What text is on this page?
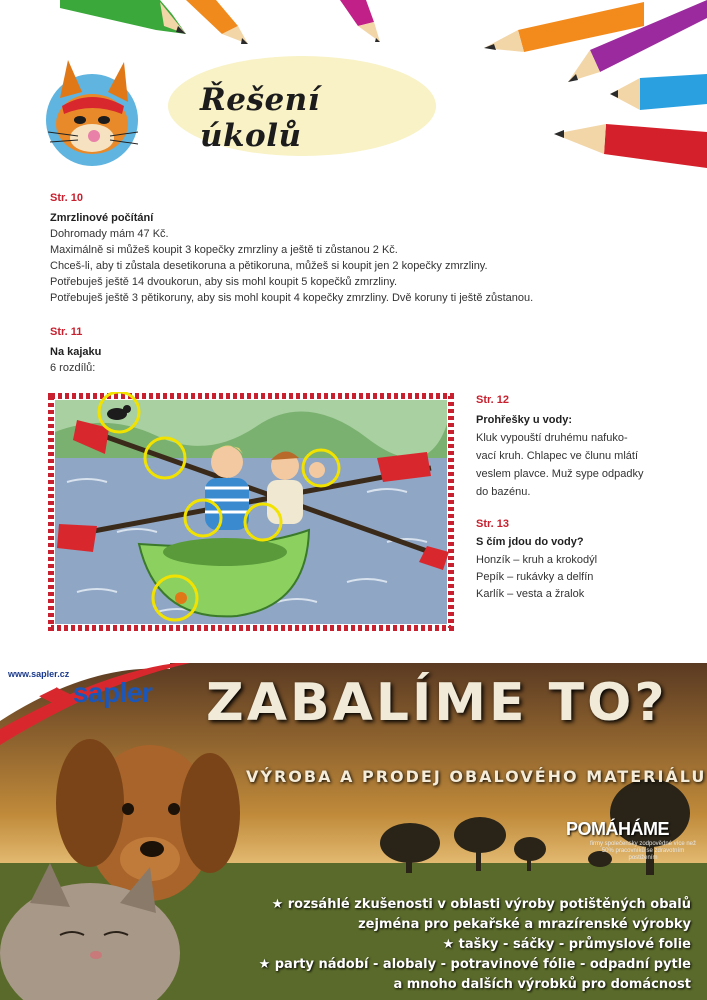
Řešení úkolů
Str. 10
Zmrzlinové počítání
Dohromady mám 47 Kč.
Maximálně si můžeš koupit 3 kopečky zmrzliny a ještě ti zůstanou 2 Kč.
Chceš-li, aby ti zůstala desetikoruna a pětikoruna, můžeš si koupit jen 2 kopečky zmrzliny.
Potřebuješ ještě 14 dvoukorun, aby sis mohl koupit 5 kopečků zmrzliny.
Potřebuješ ještě 3 pětikoruny, aby sis mohl koupit 4 kopečky zmrzliny. Dvě koruny ti ještě zůstanou.
Str. 11
Na kajaku
6 rozdílů:
Str. 12
Prohřešky u vody:
Kluk vypouští druhému nafuko-
vací kruh. Chlapec ve člunu mlátí
veslem plavce. Muž sype odpadky
do bazénu.
Str. 13
S čím jdou do vody?
Honzík – kruh a krokodýl
Pepík – rukávky a delfín
Karlík – vesta a žralok
www.sapler.cz
◀▶sapler ZABALÍME TO?
VÝROBA A PRODEJ OBALOVÉHO MATERIÁLU
POMÁHÁME
firmy společensky zodpovědné více než 50% pracovníků se zdravotním postižením
★ rozsáhlé zkušenosti v oblasti výroby potištěných obalů
zejména pro pekařské a mrazírenské výrobky
★ tašky - sáčky - průmyslové folie
★ party nádobí - alobaly - potravinové fólie - odpadní pytle
a mnoho dalších výrobků pro domácnost
